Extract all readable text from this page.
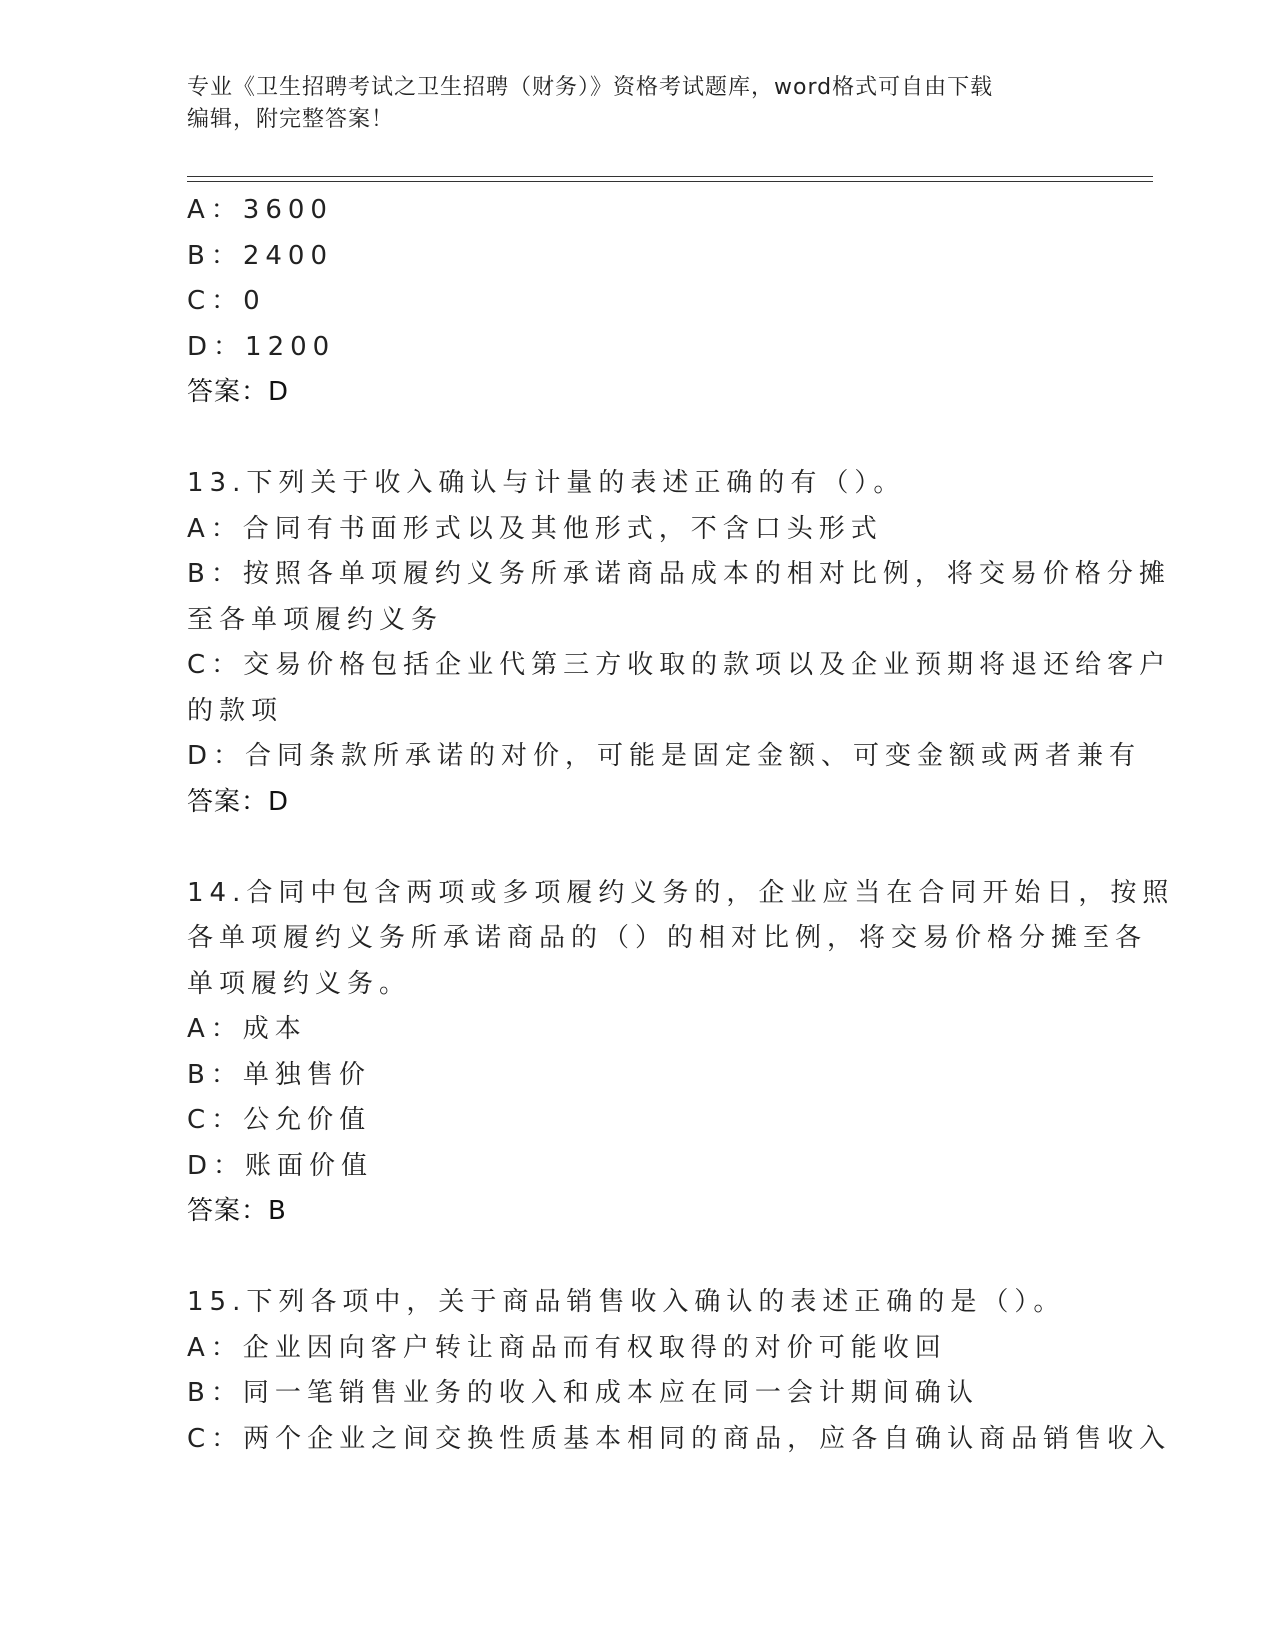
专业《卫生招聘考试之卫生招聘（财务）》资格考试题库，word格式可自由下载

编辑，附完整答案！

A：3600
B：2400
C：0
D：1200
答案：D
13.下列关于收入确认与计量的表述正确的有（）。
A：合同有书面形式以及其他形式，不含口头形式
B：按照各单项履约义务所承诺商品成本的相对比例，将交易价格分摊
至各单项履约义务
C：交易价格包括企业代第三方收取的款项以及企业预期将退还给客户
的款项
D：合同条款所承诺的对价，可能是固定金额、可变金额或两者兼有
答案：D
14.合同中包含两项或多项履约义务的，企业应当在合同开始日，按照
各单项履约义务所承诺商品的（）的相对比例，将交易价格分摊至各
单项履约义务。
A：成本
B：单独售价
C：公允价值
D：账面价值
答案：B
15.下列各项中，关于商品销售收入确认的表述正确的是（）。
A：企业因向客户转让商品而有权取得的对价可能收回
B：同一笔销售业务的收入和成本应在同一会计期间确认
C：两个企业之间交换性质基本相同的商品，应各自确认商品销售收入
